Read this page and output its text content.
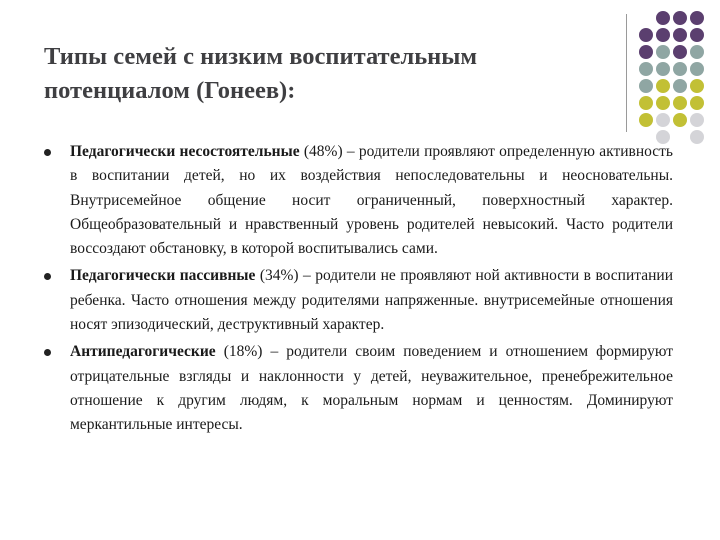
Типы семей с низким воспитательным
потенциалом (Гонеев):
Педагогически несостоятельные (48%) – родители проявляют определенную активность в воспитании детей, но их воздействия непоследовательны и неосновательны. Внутрисемейное общение носит ограниченный, поверхностный характер. Общеобразовательный и нравственный уровень родителей невысокий. Часто родители воссоздают обстановку, в которой воспитывались сами.
Педагогически пассивные (34%) – родители не проявляют ной активности в воспитании ребенка. Часто отношения между родителями напряженные. внутрисемейные отношения носят эпизодический, деструктивный характер.
Антипедагогические (18%) – родители своим поведением и отношением формируют отрицательные взгляды и наклонности у детей, неуважительное, пренебрежительное отношение к другим людям, к моральным нормам и ценностям. Доминируют меркантильные интересы.
